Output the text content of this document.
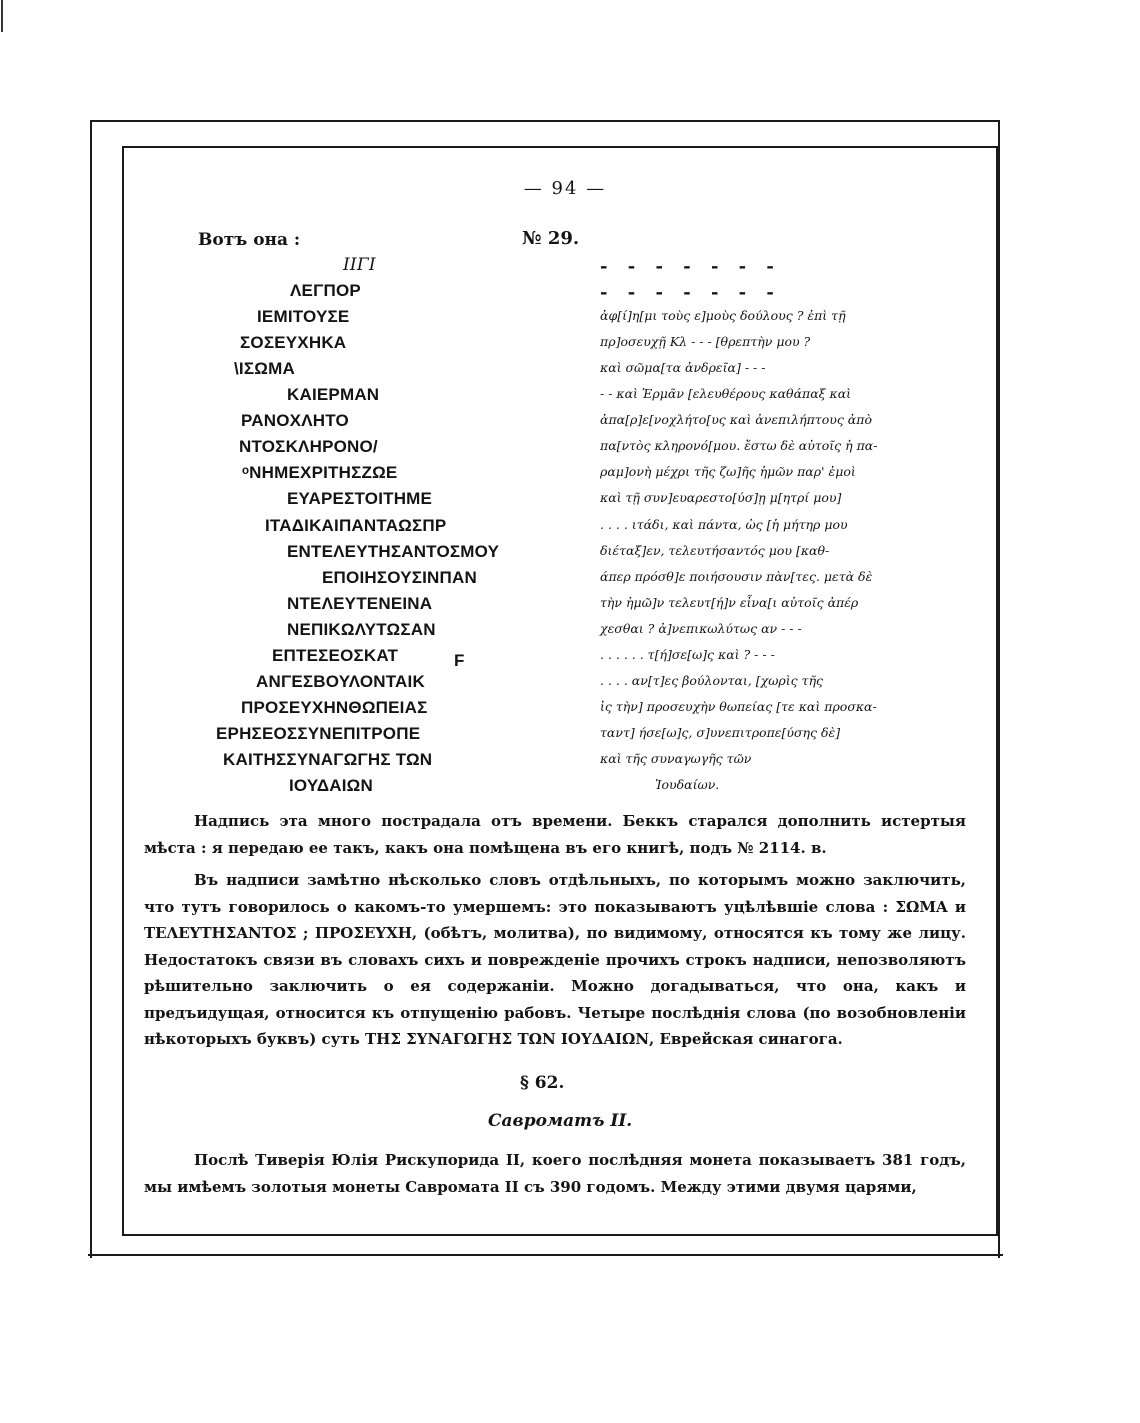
— 94 —
Вотъ она :	№ 29.
ΙΙΓΙ
ΛΕΓΠΟΡ
ΙΕΜΙΤΟΥΣΕ
ΣΟΣΕΥΧΗΚΑ
\ΙΣΩΜΑ
ΚΑΙΕΡΜΑΝ
ΡΑΝΟΧΛΗΤΟ
ΝΤΟΣΚΛΗΡΟΝΟ/
ᵒΝΗΜΕΧΡΙΤΗΣΖΩΕ
ΕΥΑΡΕΣΤΟΙΤΗΜΕ
ΙΤΑΔΙΚΑΙΠΑΝΤΑΩΣΠΡ
ΕΝΤΕΛΕΥΤΗΣΑΝΤΟΣΜΟΥ
ΕΠΟΙΗΣΟΥΣΙΝΠΑΝ
ΝΤΕΛΕΥΤΕΝΕΙΝΑ
ΝΕΠΙΚΩΛΥΤΩΣΑΝ
ΕΠΤΕΣΕΟΣΚΑΤ
ΑΝΓΕΣΒΟΥΛΟΝΤΑΙΚ
ΠΡΟΣΕΥΧΗΝΘΩΠΕΙΑΣ
ΕΡΗΣΕΟΣΣΥΝΕΠΙΤΡΟΠΕ
ΚΑΙΤΗΣΣΥΝΑΓΩΓΗΣ ΤΩΝ
ΙΟΥΔΑΙΩΝ
F
- - - - - - -
- - - - - - -
ἀφ[ί]η[μι τοὺς ε]μοὺς δούλους ? ἐπὶ τῇ
πρ]οσευχῇ Κλ - - - [θρεπτὴν μου ?
καὶ σῶμα[τα ἀνδρεῖα] - - -
- - καὶ Ἑρμᾶν [ελευθέρους καθάπαξ καὶ
ἀπα[ρ]ε[νοχλήτο[υς καὶ ἀνεπιλήπτους ἀπὸ
πα[ντὸς κληρονό[μου. ἔστω δὲ αὐτοῖς ἡ πα-
ραμ]ονὴ μέχρι τῆς ζω]ῆς ἡμῶν παρ' ἐμοὶ
καὶ τῇ συν]ευαρεστο[ύσ]ῃ μ[ητρί μου]
. . . . ιτάδι, καὶ πάντα, ὡς [ἡ μήτηρ μου
διέταξ]εν, τελευτήσαντός μου [καθ-
άπερ πρόσθ]ε ποιήσουσιν πὰν[τες. μετὰ δὲ
τὴν ἡμῶ]ν τελευτ[ή]ν εἶνα[ι αὐτοῖς ἀπέρ
χεσθαι ? ἀ]νεπικωλύτως αν - - -
. . . . . . τ[ή]σε[ω]ς καὶ ? - - -
. . . . αν[τ]ες βούλονται, [χωρὶς τῆς
ἰς τὴν] προσευχὴν θωπείας [τε καὶ προσκα-
ταντ] ήσε[ω]ς, σ]υνεπιτροπε[ύσης δὲ]
καὶ τῆς συναγωγῆς τῶν
Ἰουδαίων.
Надпись эта много пострадала отъ времени. Беккъ старался дополнить истертыя мѣста : я передаю ее такъ, какъ она помѣщена въ его книгѣ, подъ № 2114. в.
Въ надписи замѣтно нѣсколько словъ отдѣльныхъ, по которымъ можно заключить, что тутъ говорилось о какомъ-то умершемъ: это показываютъ уцѣлѣвшіе слова : ΣΩΜΑ и ΤΕΛΕΥΤΗΣΑΝΤΟΣ ; ΠΡΟΣΕΥΧΗ, (обѣтъ, молитва), по видимому, относятся къ тому же лицу. Недостатокъ связи въ словахъ сихъ и поврежденіе прочихъ строкъ надписи, непозволяютъ рѣшительно заключить о ея содержаніи. Можно догадываться, что она, какъ и предъидущая, относится къ отпущенію рабовъ. Четыре послѣднія слова (по возобновленіи нѣкоторыхъ буквъ) суть ΤΗΣ ΣΥΝΑΓΩΓΗΣ ΤΩΝ ΙΟΥΔΑΙΩΝ, Еврейская синагога.
§ 62.
Савроматъ II.
Послѣ Тиверія Юлія Рискупорида II, коего послѣдняя монета показываетъ 381 годъ, мы имѣемъ золотыя монеты Савромата II съ 390 годомъ. Между этими двумя царями,
